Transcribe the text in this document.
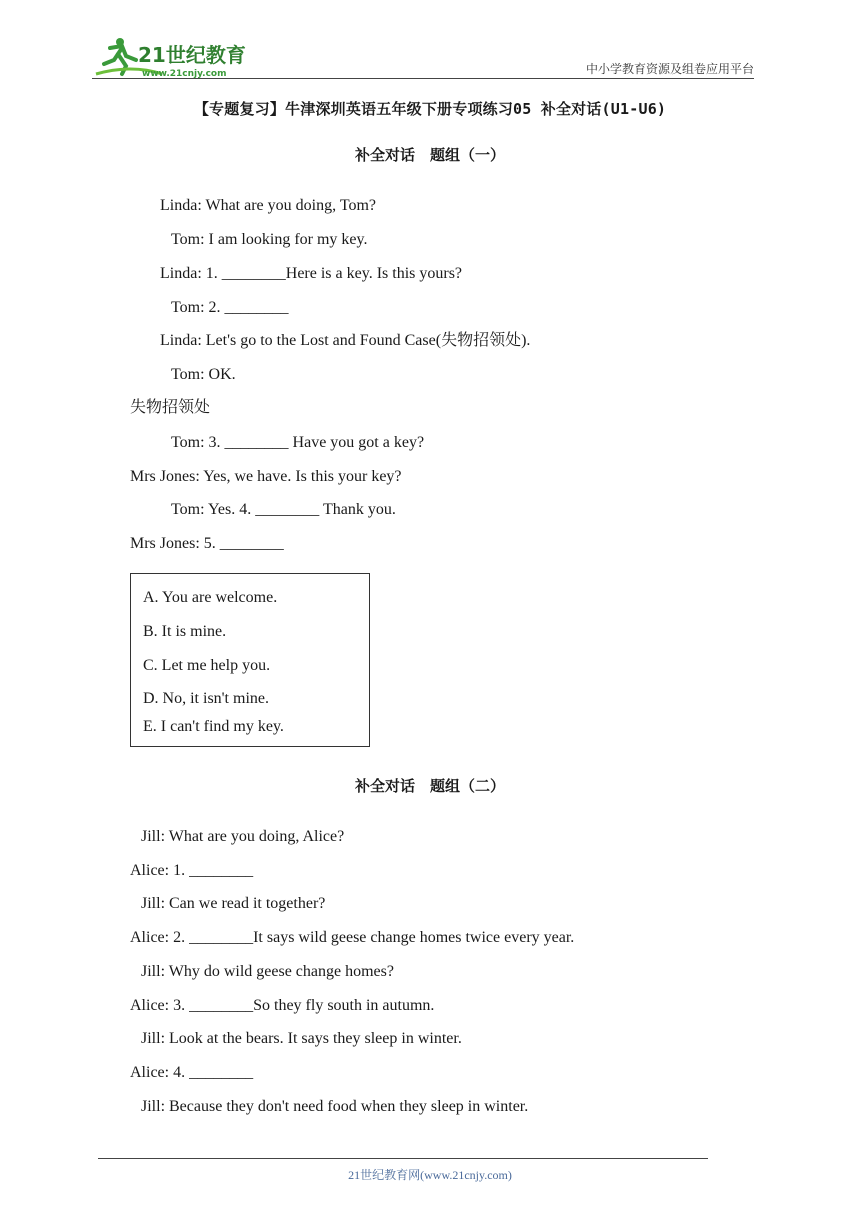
21世纪教育
www.21cnjy.com	中小学教育资源及组卷应用平台
【专题复习】牛津深圳英语五年级下册专项练习05 补全对话(U1-U6)
补全对话　题组（一）
Linda: What are you doing, Tom?
Tom: I am looking for my key.
Linda: 1. ________Here is a key. Is this yours?
Tom: 2. ________
Linda: Let's go to the Lost and Found Case(失物招领处).
Tom: OK.
失物招领处
Tom: 3. ________ Have you got a key?
Mrs Jones: Yes, we have. Is this your key?
Tom: Yes. 4. ________ Thank you.
Mrs Jones: 5. ________
A. You are welcome.
B. It is mine.
C. Let me help you.
D. No, it isn't mine.
E. I can't find my key.
补全对话　题组（二）
Jill: What are you doing, Alice?
Alice: 1. ________
Jill: Can we read it together?
Alice: 2. ________It says wild geese change homes twice every year.
Jill: Why do wild geese change homes?
Alice: 3. ________So they fly south in autumn.
Jill: Look at the bears. It says they sleep in winter.
Alice: 4. ________
Jill: Because they don't need food when they sleep in winter.
21世纪教育网(www.21cnjy.com)
